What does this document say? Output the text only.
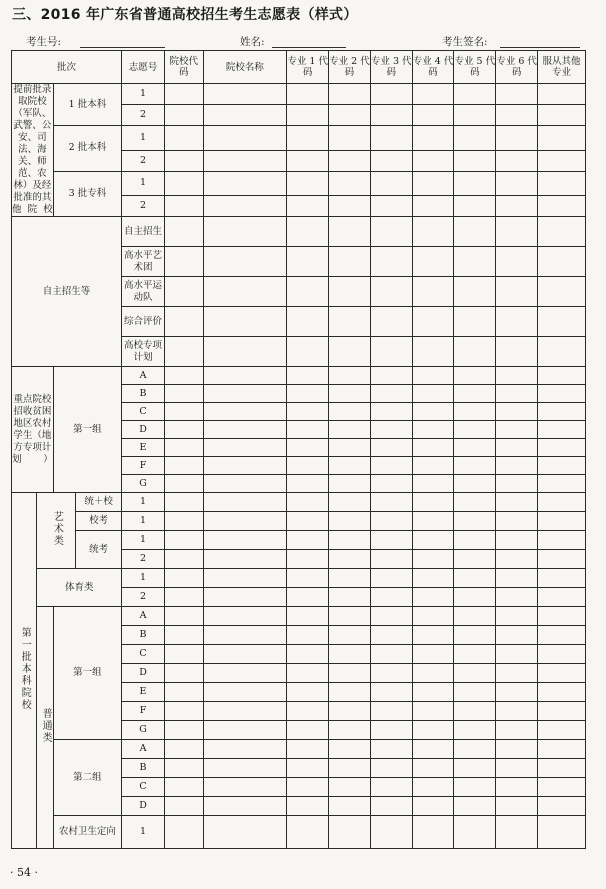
三、2016 年广东省普通高校招生考生志愿表（样式）
考生号:	姓名:	考生签名:
批次				志愿号	院校代码	院校名称	专业 1 代码	专业 2 代码	专业 3 代码	专业 4 代码	专业 5 代码	专业 6 代码	服从其他专业
提前批录取院校（军队、武警、公安、司法、海关、师范、农林）及经批准的其他院校		1 批本科		1									
				2									
		2 批本科		1									
				2									
		3 批专科		1									
				2									
自主招生等				自主招生									
				高水平艺术团									
				高水平运动队									
				综合评价									
				高校专项计划									
重点院校招收贫困地区农村学生（地方专项计划）		第一组		A									
				B									
				C									
				D									
				E									
				F									
				G									
第一批本科院校	艺术类		统＋校	1									
			校考	1									
			统考	1									
				2									
	体育类			1									
				2									
	普通类	第一组		A									
				B									
				C									
				D									
				E									
				F									
				G									
		第二组		A									
				B									
				C									
				D									
		农村卫生定向		1									
· 54 ·
